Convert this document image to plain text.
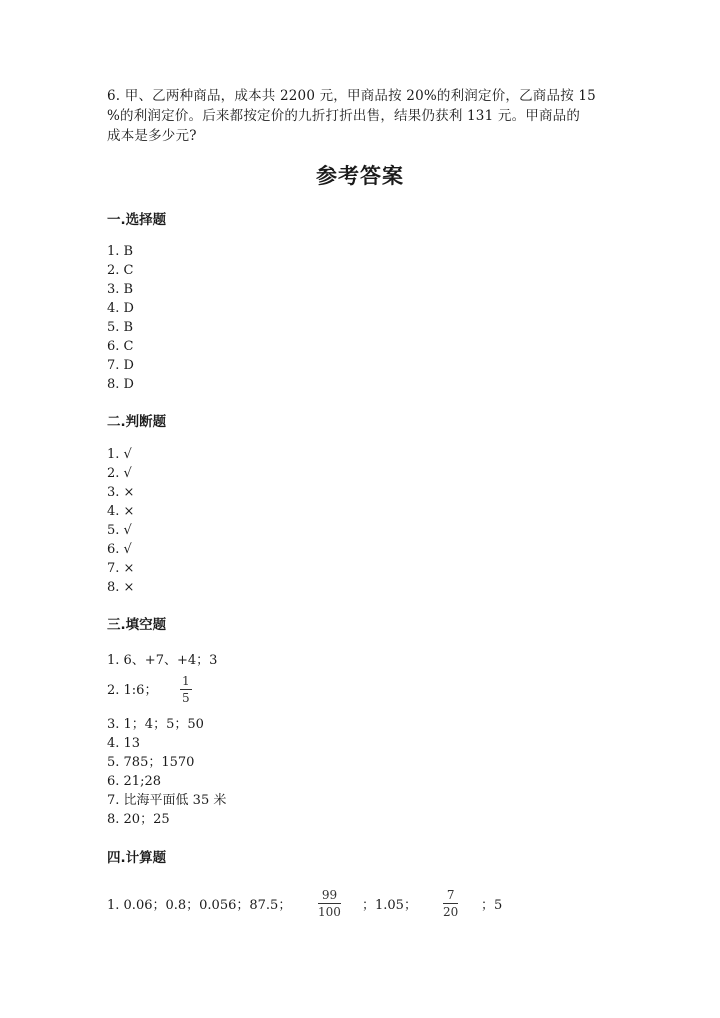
6. 甲、乙两种商品，成本共 2200 元，甲商品按 20%的利润定价，乙商品按 15
%的利润定价。后来都按定价的九折打折出售，结果仍获利 131 元。甲商品的
成本是多少元?
参考答案
一.选择题
1. B
2. C
3. B
4. D
5. B
6. C
7. D
8. D
二.判断题
1. √
2. √
3. ×
4. ×
5. √
6. √
7. ×
8. ×
三.填空题
1. 6、+7、+4；3
2. 1:6；
1
5
3. 1；4；5；50
4. 13
5. 785；1570
6. 21;28
7. 比海平面低 35 米
8. 20；25
四.计算题
1. 0.06；0.8；0.056；87.5；
99
100 ；1.05；
7
20 ；5
